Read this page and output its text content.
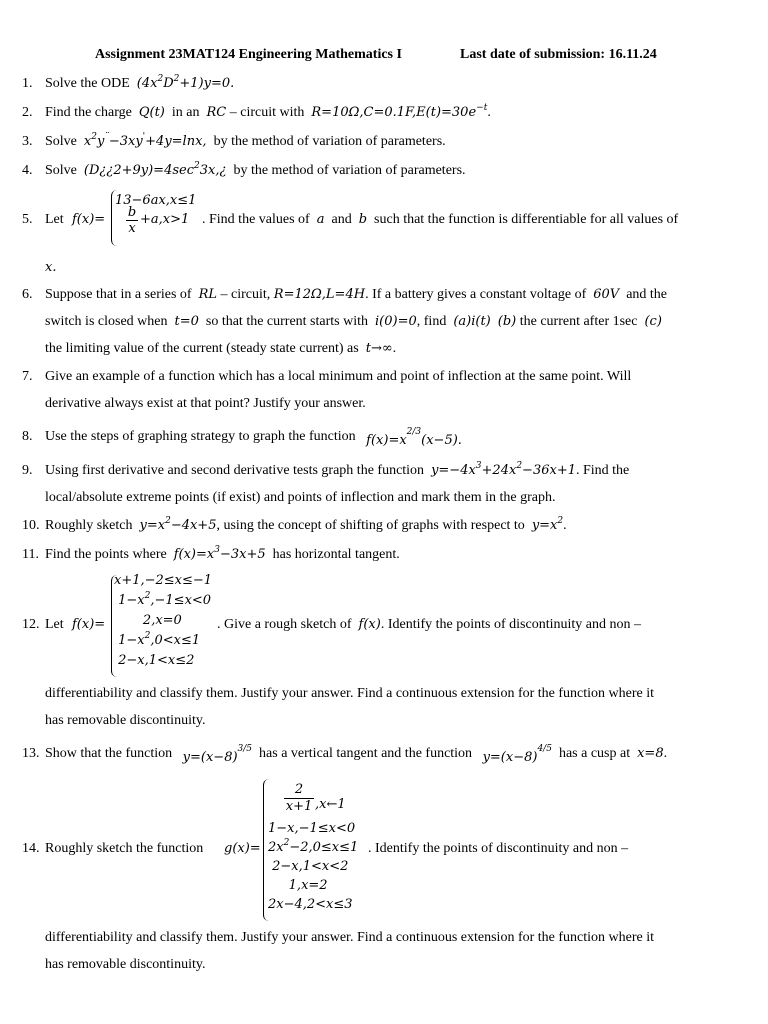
Assignment 23MAT124 Engineering Mathematics I	Last date of submission: 16.11.24
1. Solve the ODE $(4x^2D^2+1)y=0$.
2. Find the charge Q(t) in an RC – circuit with $R=10\Omega,C=0.1F,E(t)=30e^{-t}$.
3. Solve $x^2y^¨-3xy'+4y=\ln x$, by the method of variation of parameters.
4. Solve $(D¿¿2+9y)=4\sec^23x,¿$ by the method of variation of parameters.
5. Let f(x)=
13−6ax,x≤1
b
x
+a,x>1 . Find the values of a and b such that the function is differentiable for all values of
x.
6. Suppose that in a series of RL – circuit, R=12Ω,L=4H. If a battery gives a constant voltage of 60V and the
switch is closed when t=0 so that the current starts with i(0)=0, find (a)i(t) (b) the current after 1sec (c)
the limiting value of the current (steady state current) as t→∞.
7. Give an example of a function which has a local minimum and point of inflection at the same point. Will
derivative always exist at that point? Justify your answer.
8. Use the steps of graphing strategy to graph the function $f(x)=x^{2/3}(x-5)$.
9. Using first derivative and second derivative tests graph the function $y=-4x^3+24x^2-36x+1$. Find the
local/absolute extreme points (if exist) and points of inflection and mark them in the graph.
10. Roughly sketch $y=x^2-4x+5$, using the concept of shifting of graphs with respect to $y=x^2$.
11. Find the points where $f(x)=x^3-3x+5$ has horizontal tangent.
12. Let f(x)=
x+1,−2≤x≤−1
$1-x^2,-1\le x<0$
2,x=0
$1-x^2,0<x\le 1$
2−x,1<x≤2
. Give a rough sketch of f(x). Identify the points of discontinuity and non –
differentiability and classify them. Justify your answer. Find a continuous extension for the function where it
has removable discontinuity.
13. Show that the function $y=(x-8)^{3/5}$ has a vertical tangent and the function $y=(x-8)^{4/5}$ has a cusp at x=8.
14. Roughly sketch the function g(x)=
2
x+1 ,x←1
1−x,−1≤x<0
$2x^2-2,0\le x\le 1$
2−x,1<x<2
1,x=2
2x−4,2<x≤3
. Identify the points of discontinuity and non –
differentiability and classify them. Justify your answer. Find a continuous extension for the function where it
has removable discontinuity.
